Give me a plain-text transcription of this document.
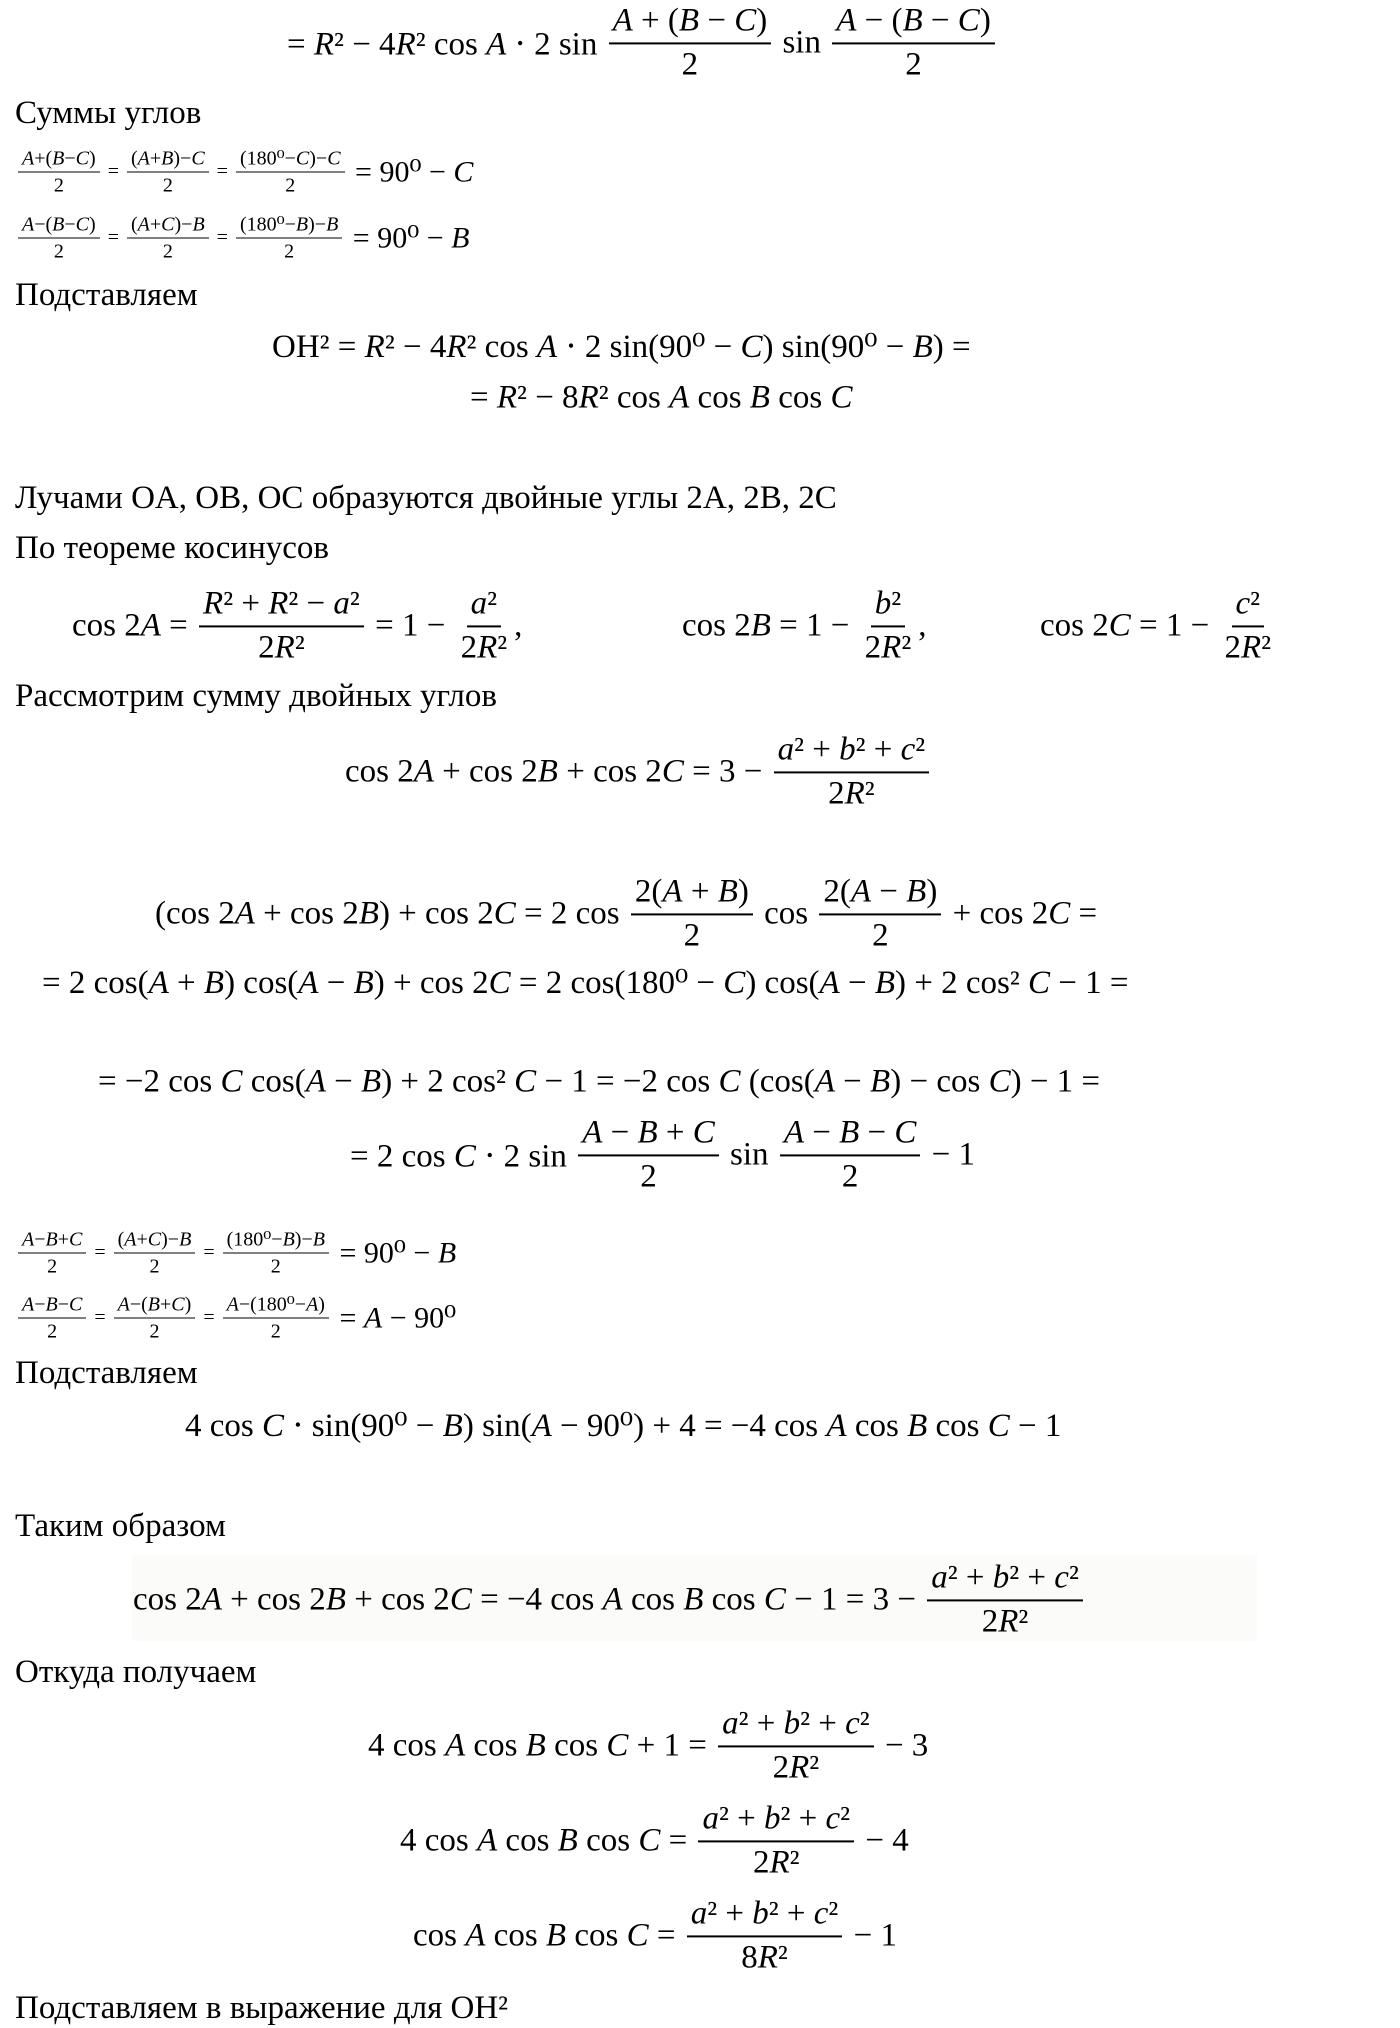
= R² − 4R² cos A ⋅ 2 $\sin \frac{A + (B - C)}{2}$ $\sin \frac{A - (B - C)}{2}$
Суммы углов
$\frac{A+(B-C)}{2} = \frac{(A+B)-C}{2} = \frac{\text{(180⁰−C)−C}}{2} = 90^0 - C$
$\frac{A-(B-C)}{2} = \frac{(A+C)-B}{2} = \frac{\text{(180⁰−B)−B}}{2} = 90^0 - B$
Подставляем
OH² = R² − 4R² cos A ⋅ 2 sin(90⁰ − C) sin(90⁰ − B) =
= R² − 8R² cos A cos B cos C
Лучами OA, OB, OC образуются двойные углы 2A, 2B, 2C
По теореме косинусов
$\cos 2A = \frac{\text{R² + R² − a²}}{\text{2R²}} = 1 - \frac{\text{a²}}{\text{2R²}}$ ,	$\cos 2B = 1 - \frac{\text{b²}}{\text{2R²}}$ ,	$\cos 2C = 1 - \frac{\text{c²}}{\text{2R²}}$
Рассмотрим сумму двойных углов
$\cos 2A + \cos 2B + \cos 2C = 3 - \frac{\text{a² + b² + c²}}{\text{2R²}}$
(cos 2A + cos 2B) + cos 2C = 2 $\cos \frac{2(A + B)}{2}$ $\cos \frac{2(A - B)}{2} + \cos 2C$ =
= 2 cos(A + B) cos(A − B) + cos 2C = 2 cos(180⁰ − C) cos(A − B) + 2 cos² C − 1 =
= −2 cos C cos(A − B) + 2 cos² C − 1 = −2 cos C (cos(A − B) − cos C) − 1 =
= 2 cos C ⋅ 2 $\sin \frac{A - B + C}{2}$ $\sin \frac{A - B - C}{2} - 1$
$\frac{A-B+C}{2} = \frac{(A+C)-B}{2} = \frac{\text{(180⁰−B)−B}}{2} = 90^0 - B$
$\frac{A-B-C}{2} = \frac{A-(B+C)}{2} = \frac{\text{A−(180⁰−A)}}{2} = A - 90^0$
Подставляем
4 cos C ⋅ sin(90⁰ − B) sin(A − 90⁰) + 4 = −4 cos A cos B cos C − 1
Таким образом
cos 2A + cos 2B + cos 2C = −4 cos A cos B $\cos C - 1 = 3 - \frac{\text{a² + b² + c²}}{\text{2R²}}$
Откуда получаем
4 cos A cos B $\cos C + 1 = \frac{\text{a² + b² + c²}}{\text{2R²}} - 3$
4 cos A cos B $\cos C = \frac{\text{a² + b² + c²}}{\text{2R²}} - 4$
cos A cos B $\cos C = \frac{\text{a² + b² + c²}}{\text{8R²}} - 1$
Подставляем в выражение для OH²
